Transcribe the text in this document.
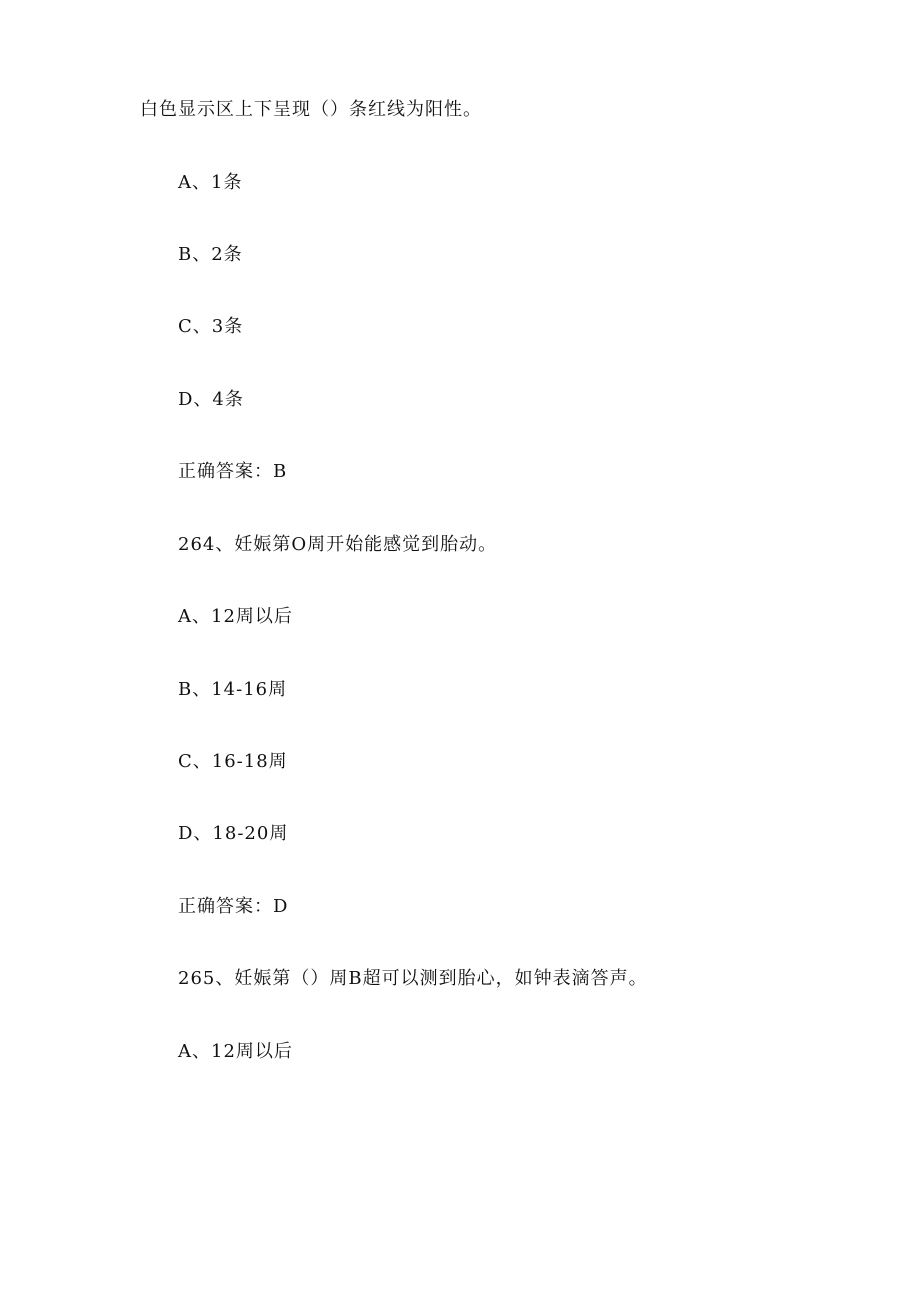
白色显示区上下呈现（）条红线为阳性。

A、1条

B、2条

C、3条

D、4条

正确答案：B

264、妊娠第O周开始能感觉到胎动。

A、12周以后

B、14-16周

C、16-18周

D、18-20周

正确答案：D

265、妊娠第（）周B超可以测到胎心，如钟表滴答声。

A、12周以后
